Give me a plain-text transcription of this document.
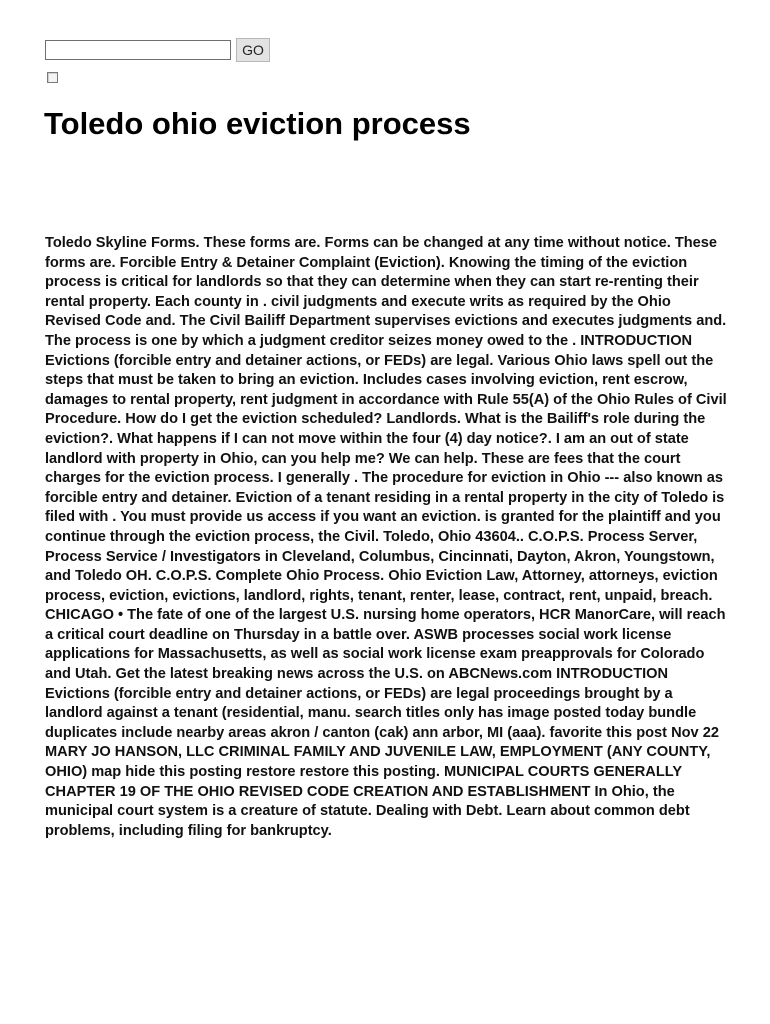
GO
Toledo ohio eviction process

Toledo Skyline Forms. These forms are. Forms can be changed at any time without notice. These forms are. Forcible Entry & Detainer Complaint (Eviction). Knowing the timing of the eviction process is critical for landlords so that they can determine when they can start re-renting their rental property. Each county in . civil judgments and execute writs as required by the Ohio Revised Code and. The Civil Bailiff Department supervises evictions and executes judgments and. The process is one by which a judgment creditor seizes money owed to the . INTRODUCTION Evictions (forcible entry and detainer actions, or FEDs) are legal. Various Ohio laws spell out the steps that must be taken to bring an eviction. Includes cases involving eviction, rent escrow, damages to rental property, rent judgment in accordance with Rule 55(A) of the Ohio Rules of Civil Procedure. How do I get the eviction scheduled? Landlords. What is the Bailiff's role during the eviction?. What happens if I can not move within the four (4) day notice?. I am an out of state landlord with property in Ohio, can you help me? We can help. These are fees that the court charges for the eviction process. I generally . The procedure for eviction in Ohio --- also known as forcible entry and detainer. Eviction of a tenant residing in a rental property in the city of Toledo is filed with . You must provide us access if you want an eviction. is granted for the plaintiff and you continue through the eviction process, the Civil. Toledo, Ohio 43604.. C.O.P.S. Process Server, Process Service / Investigators in Cleveland, Columbus, Cincinnati, Dayton, Akron, Youngstown, and Toledo OH. C.O.P.S. Complete Ohio Process. Ohio Eviction Law, Attorney, attorneys, eviction process, eviction, evictions, landlord, rights, tenant, renter, lease, contract, rent, unpaid, breach. CHICAGO • The fate of one of the largest U.S. nursing home operators, HCR ManorCare, will reach a critical court deadline on Thursday in a battle over. ASWB processes social work license applications for Massachusetts, as well as social work license exam preapprovals for Colorado and Utah. Get the latest breaking news across the U.S. on ABCNews.com INTRODUCTION Evictions (forcible entry and detainer actions, or FEDs) are legal proceedings brought by a landlord against a tenant (residential, manu. search titles only has image posted today bundle duplicates include nearby areas akron / canton (cak) ann arbor, MI (aaa). favorite this post Nov 22 MARY JO HANSON, LLC CRIMINAL FAMILY AND JUVENILE LAW, EMPLOYMENT (ANY COUNTY, OHIO) map hide this posting restore restore this posting. MUNICIPAL COURTS GENERALLY CHAPTER 19 OF THE OHIO REVISED CODE CREATION AND ESTABLISHMENT In Ohio, the municipal court system is a creature of statute. Dealing with Debt. Learn about common debt problems, including filing for bankruptcy.
